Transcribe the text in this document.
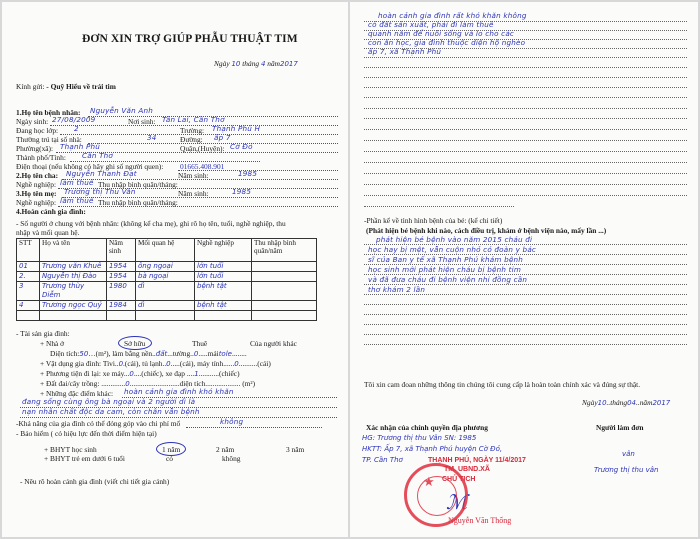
ĐƠN XIN TRỢ GIÚP PHẪU THUẬT TIM
Ngày 10 tháng 4 năm2017
Kính gửi: - Quỹ Hiểu về trái tim
1.Họ tên bệnh nhân: Nguyễn Văn Anh
Ngày sinh: 27/08/2009	Nơi sinh: Tân Lai, Cần Thơ
Đang học lớp: 2	Trường: Thạnh Phú H
Thường trú tại số nhà:	34	Đường: ấp 7
Phường(xã): Thạnh Phú	Quận,(Huyện): Cờ Đỏ
Thành phố/Tỉnh: Cần Thơ
Điện thoại (nếu không có hãy ghi số người quen): 01665.408.901
2.Họ tên cha: Nguyễn Thanh Đạt	Năm sinh:	1985
Nghề nghiệp: làm thuê Thu nhập bình quân/tháng:
3.Họ tên mẹ: Trương thị Thu Vân	Năm sinh:	1985
Nghề nghiệp: làm thuê Thu nhập bình quân/tháng:
4.Hoàn cảnh gia đình:
- Số người ở chung với bệnh nhân: (không kể cha mẹ), ghi rõ họ tên, tuổi, nghề nghiệp, thu
nhập và mối quan hệ.
STT	Họ và tên	Năm sinh	Mối quan hệ	Nghề nghiệp	Thu nhập bình quân/năm
01	Trương văn Khuê	1954	ông ngoại	lớn tuổi	
2.	Nguyễn thị Đào	1954	bà ngoại	lớn tuổi	
3	Trương thùy Diễm	1980	dì	bệnh tật	
4	Trương ngọc Quý	1984	dì	bệnh tật	

- Tài sản gia đình:
+ Nhà ở	Sở hữu	Thuê	Của người khác
Diện tích:50…(m²), làm bằng nền..đất...tường..0.....máitole........
+ Vật dụng gia đình: Tivi..0.(cái), tủ lạnh..0.....(cái), máy tính......0..........(cái)
+ Phương tiện đi lại: xe máy...0....(chiếc), xe đạp ....1...........(chiếc)
+ Đất đai/cây trồng: .............0...........................diện tích................... (m²)
+ Những đặc điểm khác: hoàn cảnh gia đình khó khăn
đang sống cùng ông bà ngoại và 2 người dì là
nạn nhân chất độc da cam, còn chân vẫn bệnh
-Khả năng của gia đình có thể đóng góp vào chi phí mổ	không
- Bảo hiểm ( có hiệu lực đến thời điểm hiện tại)
+ BHYT học sinh	1 năm	2 năm	3 năm
+ BHYT trẻ em dưới 6 tuổi	có	không
- Nêu rõ hoàn cảnh gia đình (viết chi tiết gia cảnh)
hoàn cảnh gia đình rất khó khăn không
có đất sản xuất, phải đi làm thuê
quanh năm để nuôi sống và lo cho các
con ăn học, gia đình thuộc diện hộ nghèo
ấp 7, xã Thạnh Phú
-Phần kể về tình hình bệnh của bé: (kể chi tiết)
(Phát hiện bé bệnh khi nào, cách điều trị, khám ở bệnh viện nào, mấy lần ...)
phát hiện bé bệnh vào năm 2015 cháu đi
học hay bị mệt, vẫn cuộn nhỏ có đoàn y bác
sĩ của Ban y tế xã Thạnh Phú khám bệnh
học sinh mới phát hiện cháu bị bệnh tim
và đã đưa cháu đi bệnh viện nhi đồng cần
thơ khám 2 lần
Tôi xin cam đoan những thông tin chúng tôi cung cấp là hoàn toàn chính xác và đúng sự thật.
Ngày10..tháng04..năm2017
Xác nhận của chính quyền địa phương	Người làm đơn
HG: Trương thị thu Vân SN: 1985
HKTT: Ấp 7, xã Thạnh Phú huyện Cờ Đỏ,
TP. Cần Thơ
vân
Trương thị thu vân
THẠNH PHÚ, NGÀY 11/4/2017
TM. UBND.XÃ
CHỦ TỊCH
ℳ
Nguyễn Văn Thống
★
